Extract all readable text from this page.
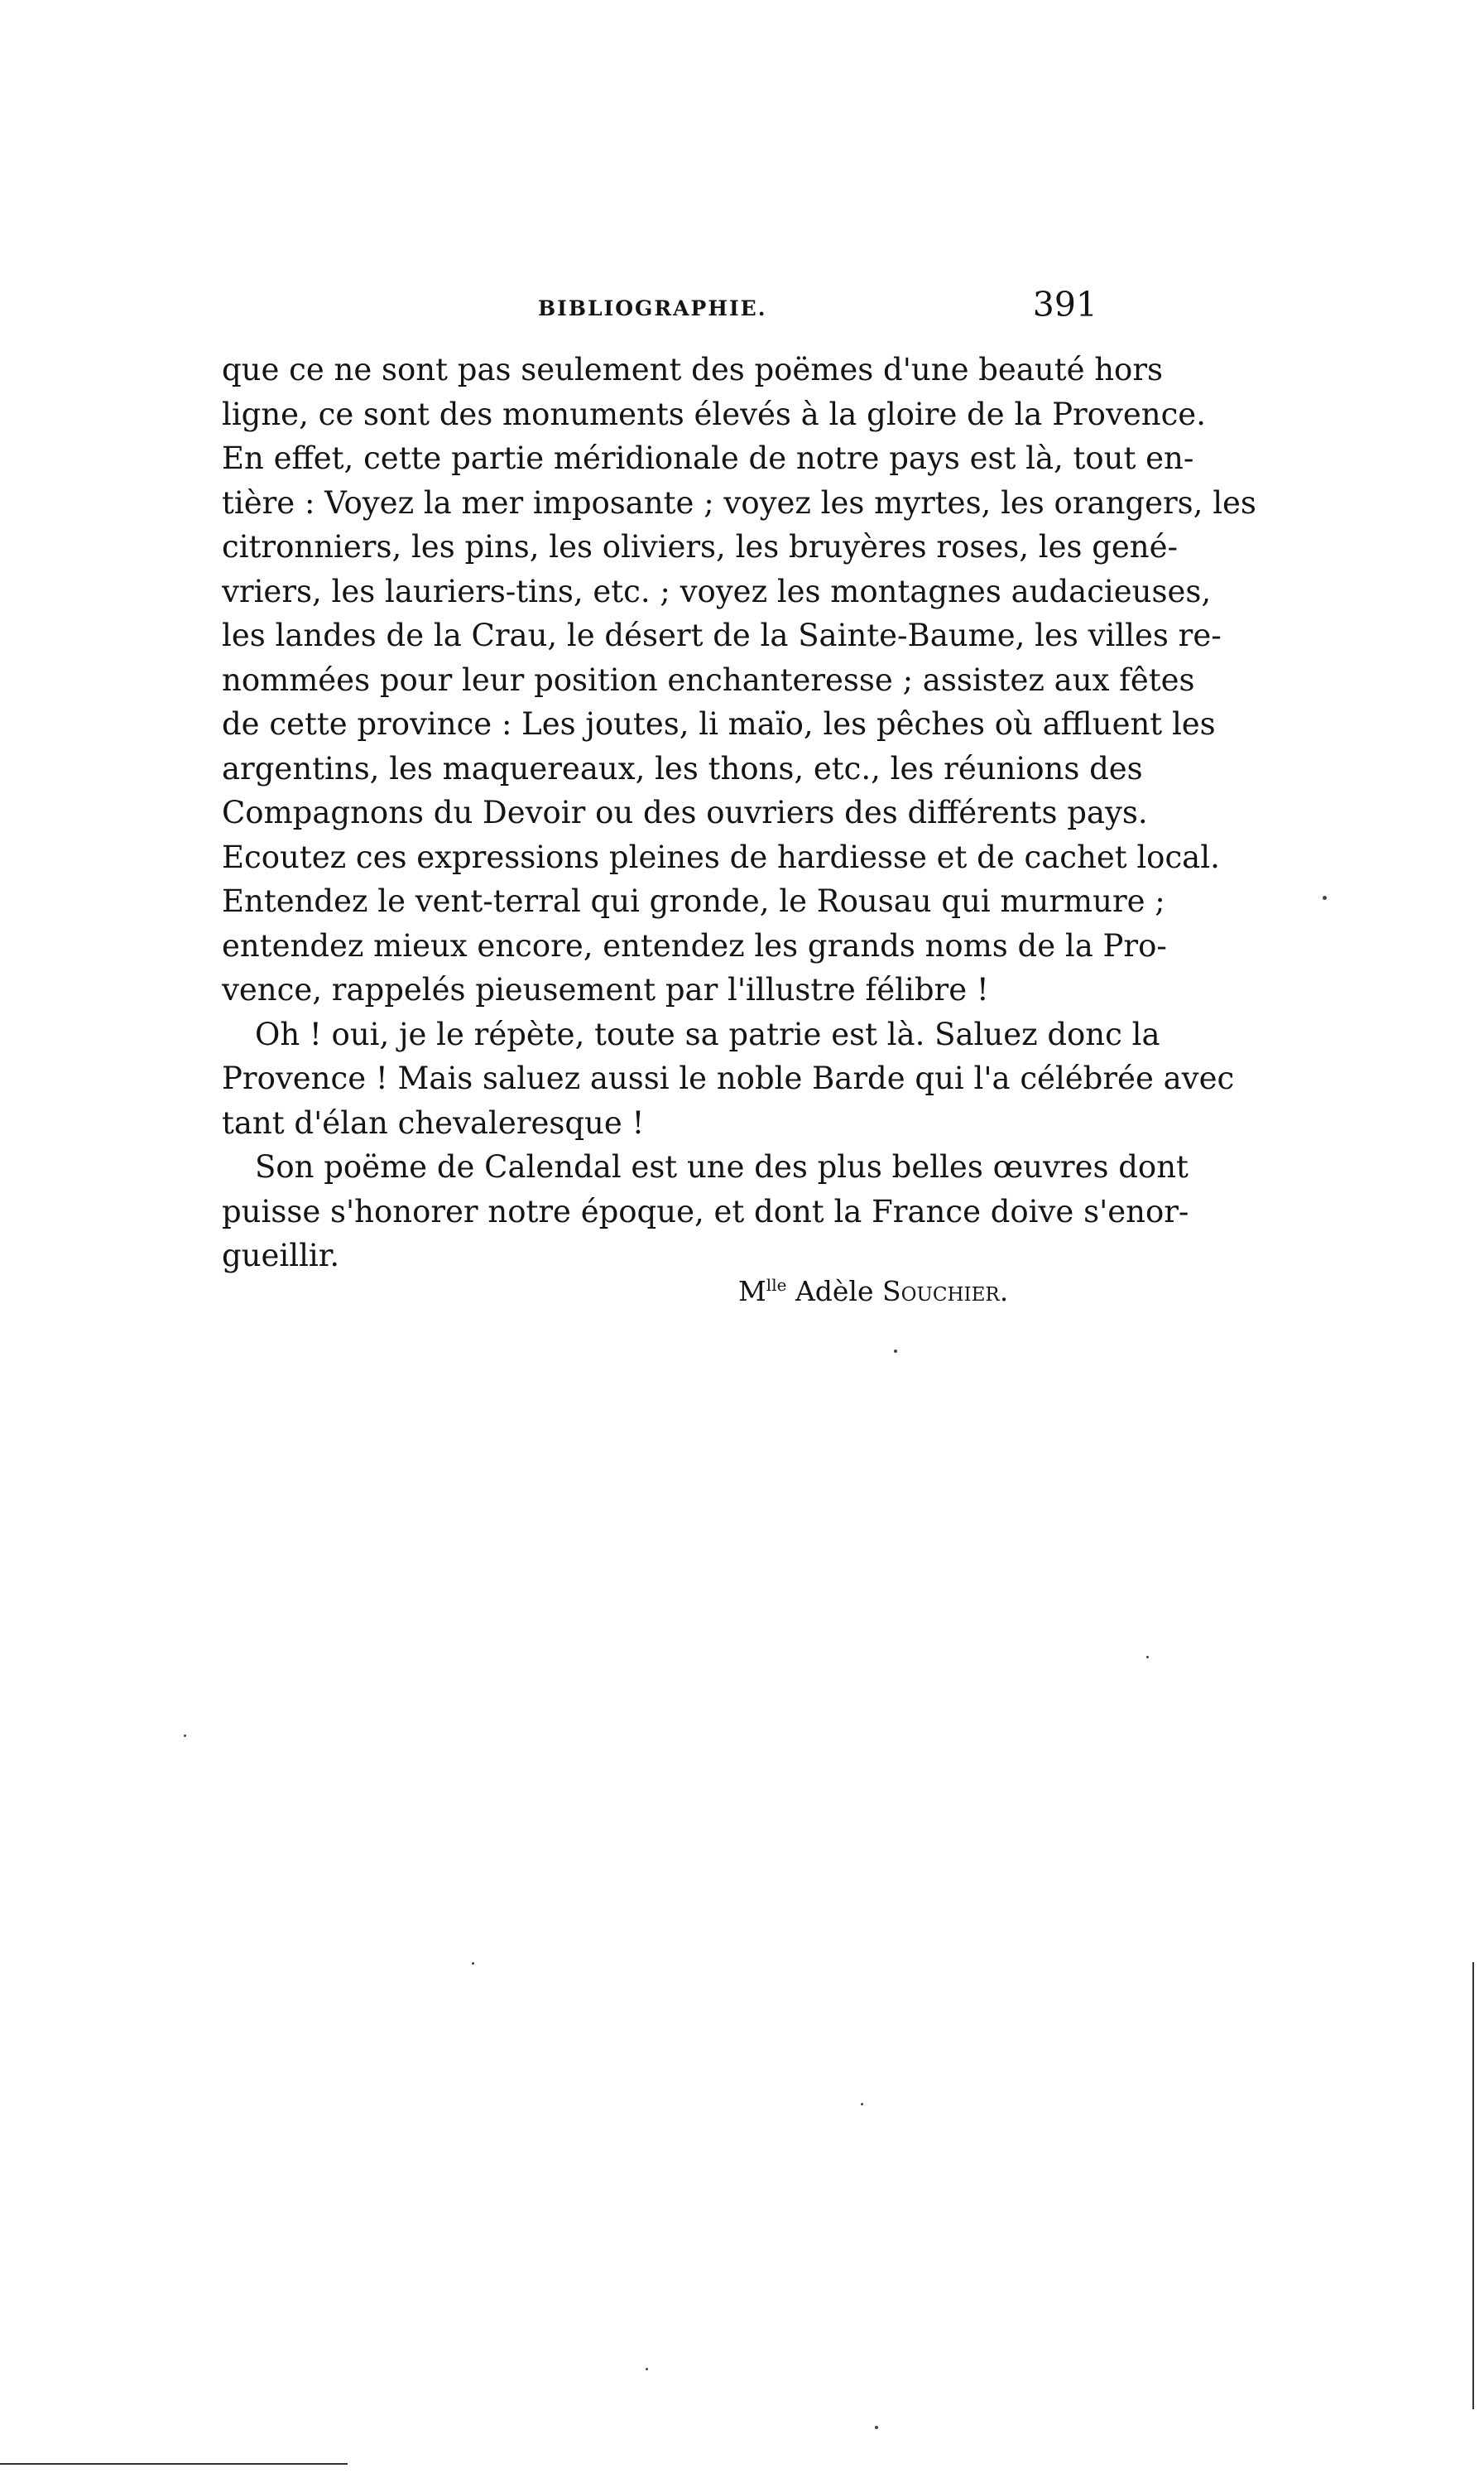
BIBLIOGRAPHIE.	391

que ce ne sont pas seulement des poëmes d'une beauté hors
ligne, ce sont des monuments élevés à la gloire de la Provence.
En effet, cette partie méridionale de notre pays est là, tout en-
tière : Voyez la mer imposante ; voyez les myrtes, les orangers, les
citronniers, les pins, les oliviers, les bruyères roses, les gené-
vriers, les lauriers-tins, etc. ; voyez les montagnes audacieuses,
les landes de la Crau, le désert de la Sainte-Baume, les villes re-
nommées pour leur position enchanteresse ; assistez aux fêtes
de cette province : Les joutes, li maïo, les pêches où affluent les
argentins, les maquereaux, les thons, etc., les réunions des
Compagnons du Devoir ou des ouvriers des différents pays.
Ecoutez ces expressions pleines de hardiesse et de cachet local.
Entendez le vent-terral qui gronde, le Rousau qui murmure ;
entendez mieux encore, entendez les grands noms de la Pro-
vence, rappelés pieusement par l'illustre félibre !

Oh ! oui, je le répète, toute sa patrie est là. Saluez donc la
Provence ! Mais saluez aussi le noble Barde qui l'a célébrée avec
tant d'élan chevaleresque !

Son poëme de Calendal est une des plus belles œuvres dont
puisse s'honorer notre époque, et dont la France doive s'enor-
gueillir.

$M^{lle}$ Adèle Souchier.
